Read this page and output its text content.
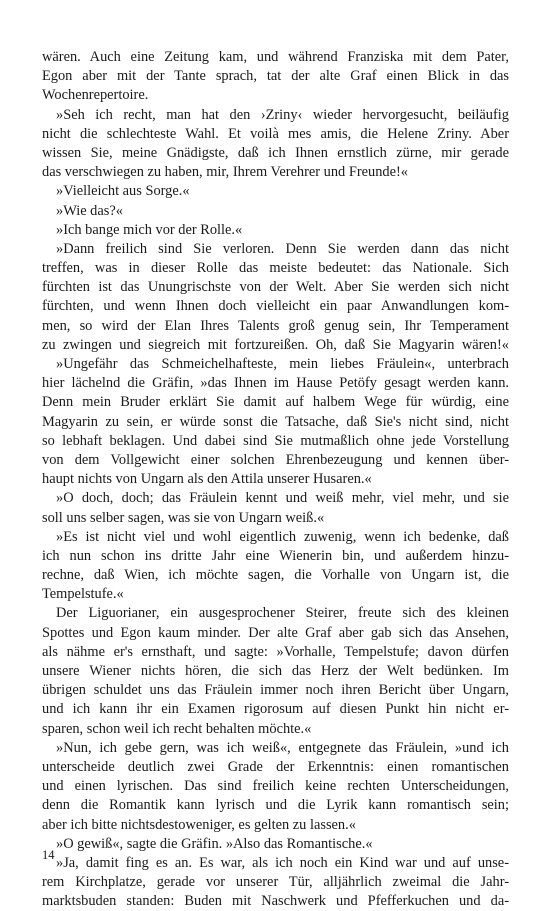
wären. Auch eine Zeitung kam, und während Franziska mit dem Pater,
Egon aber mit der Tante sprach, tat der alte Graf einen Blick in das
Wochenrepertoire.
»Seh ich recht, man hat den ›Zriny‹ wieder hervorgesucht, beiläufig
nicht die schlechteste Wahl. Et voilà mes amis, die Helene Zriny. Aber
wissen Sie, meine Gnädigste, daß ich Ihnen ernstlich zürne, mir gerade
das verschwiegen zu haben, mir, Ihrem Verehrer und Freunde!«
»Vielleicht aus Sorge.«
»Wie das?«
»Ich bange mich vor der Rolle.«
»Dann freilich sind Sie verloren. Denn Sie werden dann das nicht
treffen, was in dieser Rolle das meiste bedeutet: das Nationale. Sich
fürchten ist das Unungrischste von der Welt. Aber Sie werden sich nicht
fürchten, und wenn Ihnen doch vielleicht ein paar Anwandlungen kom-
men, so wird der Elan Ihres Talents groß genug sein, Ihr Temperament
zu zwingen und siegreich mit fortzureißen. Oh, daß Sie Magyarin wären!«
»Ungefähr das Schmeichelhafteste, mein liebes Fräulein«, unterbrach
hier lächelnd die Gräfin, »das Ihnen im Hause Petöfy gesagt werden kann.
Denn mein Bruder erklärt Sie damit auf halbem Wege für würdig, eine
Magyarin zu sein, er würde sonst die Tatsache, daß Sie's nicht sind, nicht
so lebhaft beklagen. Und dabei sind Sie mutmaßlich ohne jede Vorstellung
von dem Vollgewicht einer solchen Ehrenbezeugung und kennen über-
haupt nichts von Ungarn als den Attila unserer Husaren.«
»O doch, doch; das Fräulein kennt und weiß mehr, viel mehr, und sie
soll uns selber sagen, was sie von Ungarn weiß.«
»Es ist nicht viel und wohl eigentlich zuwenig, wenn ich bedenke, daß
ich nun schon ins dritte Jahr eine Wienerin bin, und außerdem hinzu-
rechne, daß Wien, ich möchte sagen, die Vorhalle von Ungarn ist, die
Tempelstufe.«
Der Liguorianer, ein ausgesprochener Steirer, freute sich des kleinen
Spottes und Egon kaum minder. Der alte Graf aber gab sich das Ansehen,
als nähme er's ernsthaft, und sagte: »Vorhalle, Tempelstufe; davon dürfen
unsere Wiener nichts hören, die sich das Herz der Welt bedünken. Im
übrigen schuldet uns das Fräulein immer noch ihren Bericht über Ungarn,
und ich kann ihr ein Examen rigorosum auf diesen Punkt hin nicht er-
sparen, schon weil ich recht behalten möchte.«
»Nun, ich gebe gern, was ich weiß«, entgegnete das Fräulein, »und ich
unterscheide deutlich zwei Grade der Erkenntnis: einen romantischen
und einen lyrischen. Das sind freilich keine rechten Unterscheidungen,
denn die Romantik kann lyrisch und die Lyrik kann romantisch sein;
aber ich bitte nichtsdestoweniger, es gelten zu lassen.«
»O gewiß«, sagte die Gräfin. »Also das Romantische.«
»Ja, damit fing es an. Es war, als ich noch ein Kind war und auf unse-
rem Kirchplatze, gerade vor unserer Tür, alljährlich zweimal die Jahr-
marktsbuden standen: Buden mit Naschwerk und Pfefferkuchen und da-
14
